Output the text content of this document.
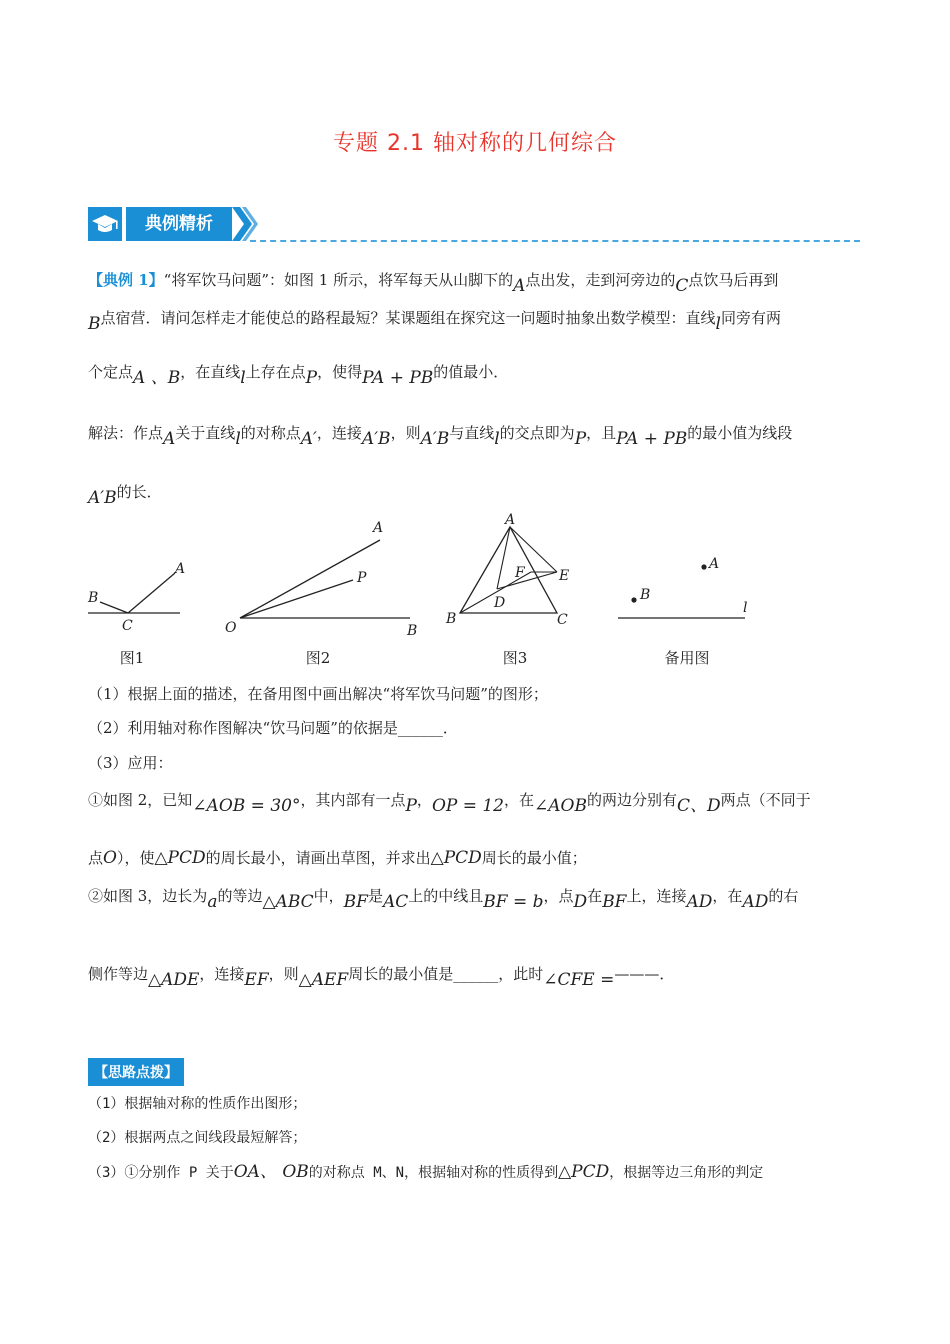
专题 2.1 轴对称的几何综合
典例精析
【典例 1】“将军饮马问题”：如图 1 所示，将军每天从山脚下的A点出发，走到河旁边的C点饮马后再到
B点宿营．请问怎样走才能使总的路程最短？某课题组在探究这一问题时抽象出数学模型：直线l同旁有两
个定点A 、B，在直线l上存在点P，使得PA + PB的值最小．
解法：作点A关于直线l的对称点A′，连接A′B，则A′B与直线l的交点即为P，且PA + PB的最小值为线段
A′B的长．
A
B
C
A
P
O	B
A
F E
D
B	C
A
B
l
图1	图2	图3	备用图
（1）根据上面的描述，在备用图中画出解决“将军饮马问题”的图形；
（2）利用轴对称作图解决“饮马问题”的依据是______．
（3）应用：
①如图 2，已知∠AOB = 30°，其内部有一点P，OP = 12，在∠AOB的两边分别有C、D两点（不同于
点O），使△PCD的周长最小，请画出草图，并求出△PCD周长的最小值；
②如图 3，边长为a的等边△ABC中，BF是AC上的中线且BF = b，点D在BF上，连接AD，在AD的右
侧作等边△ADE，连接EF，则△AEF周长的最小值是______，此时∠CFE =———．
【思路点拨】
（1）根据轴对称的性质作出图形；
（2）根据两点之间线段最短解答；
（3）①分别作 P 关于OA、 OB的对称点 M、N，根据轴对称的性质得到△PCD，根据等边三角形的判定
